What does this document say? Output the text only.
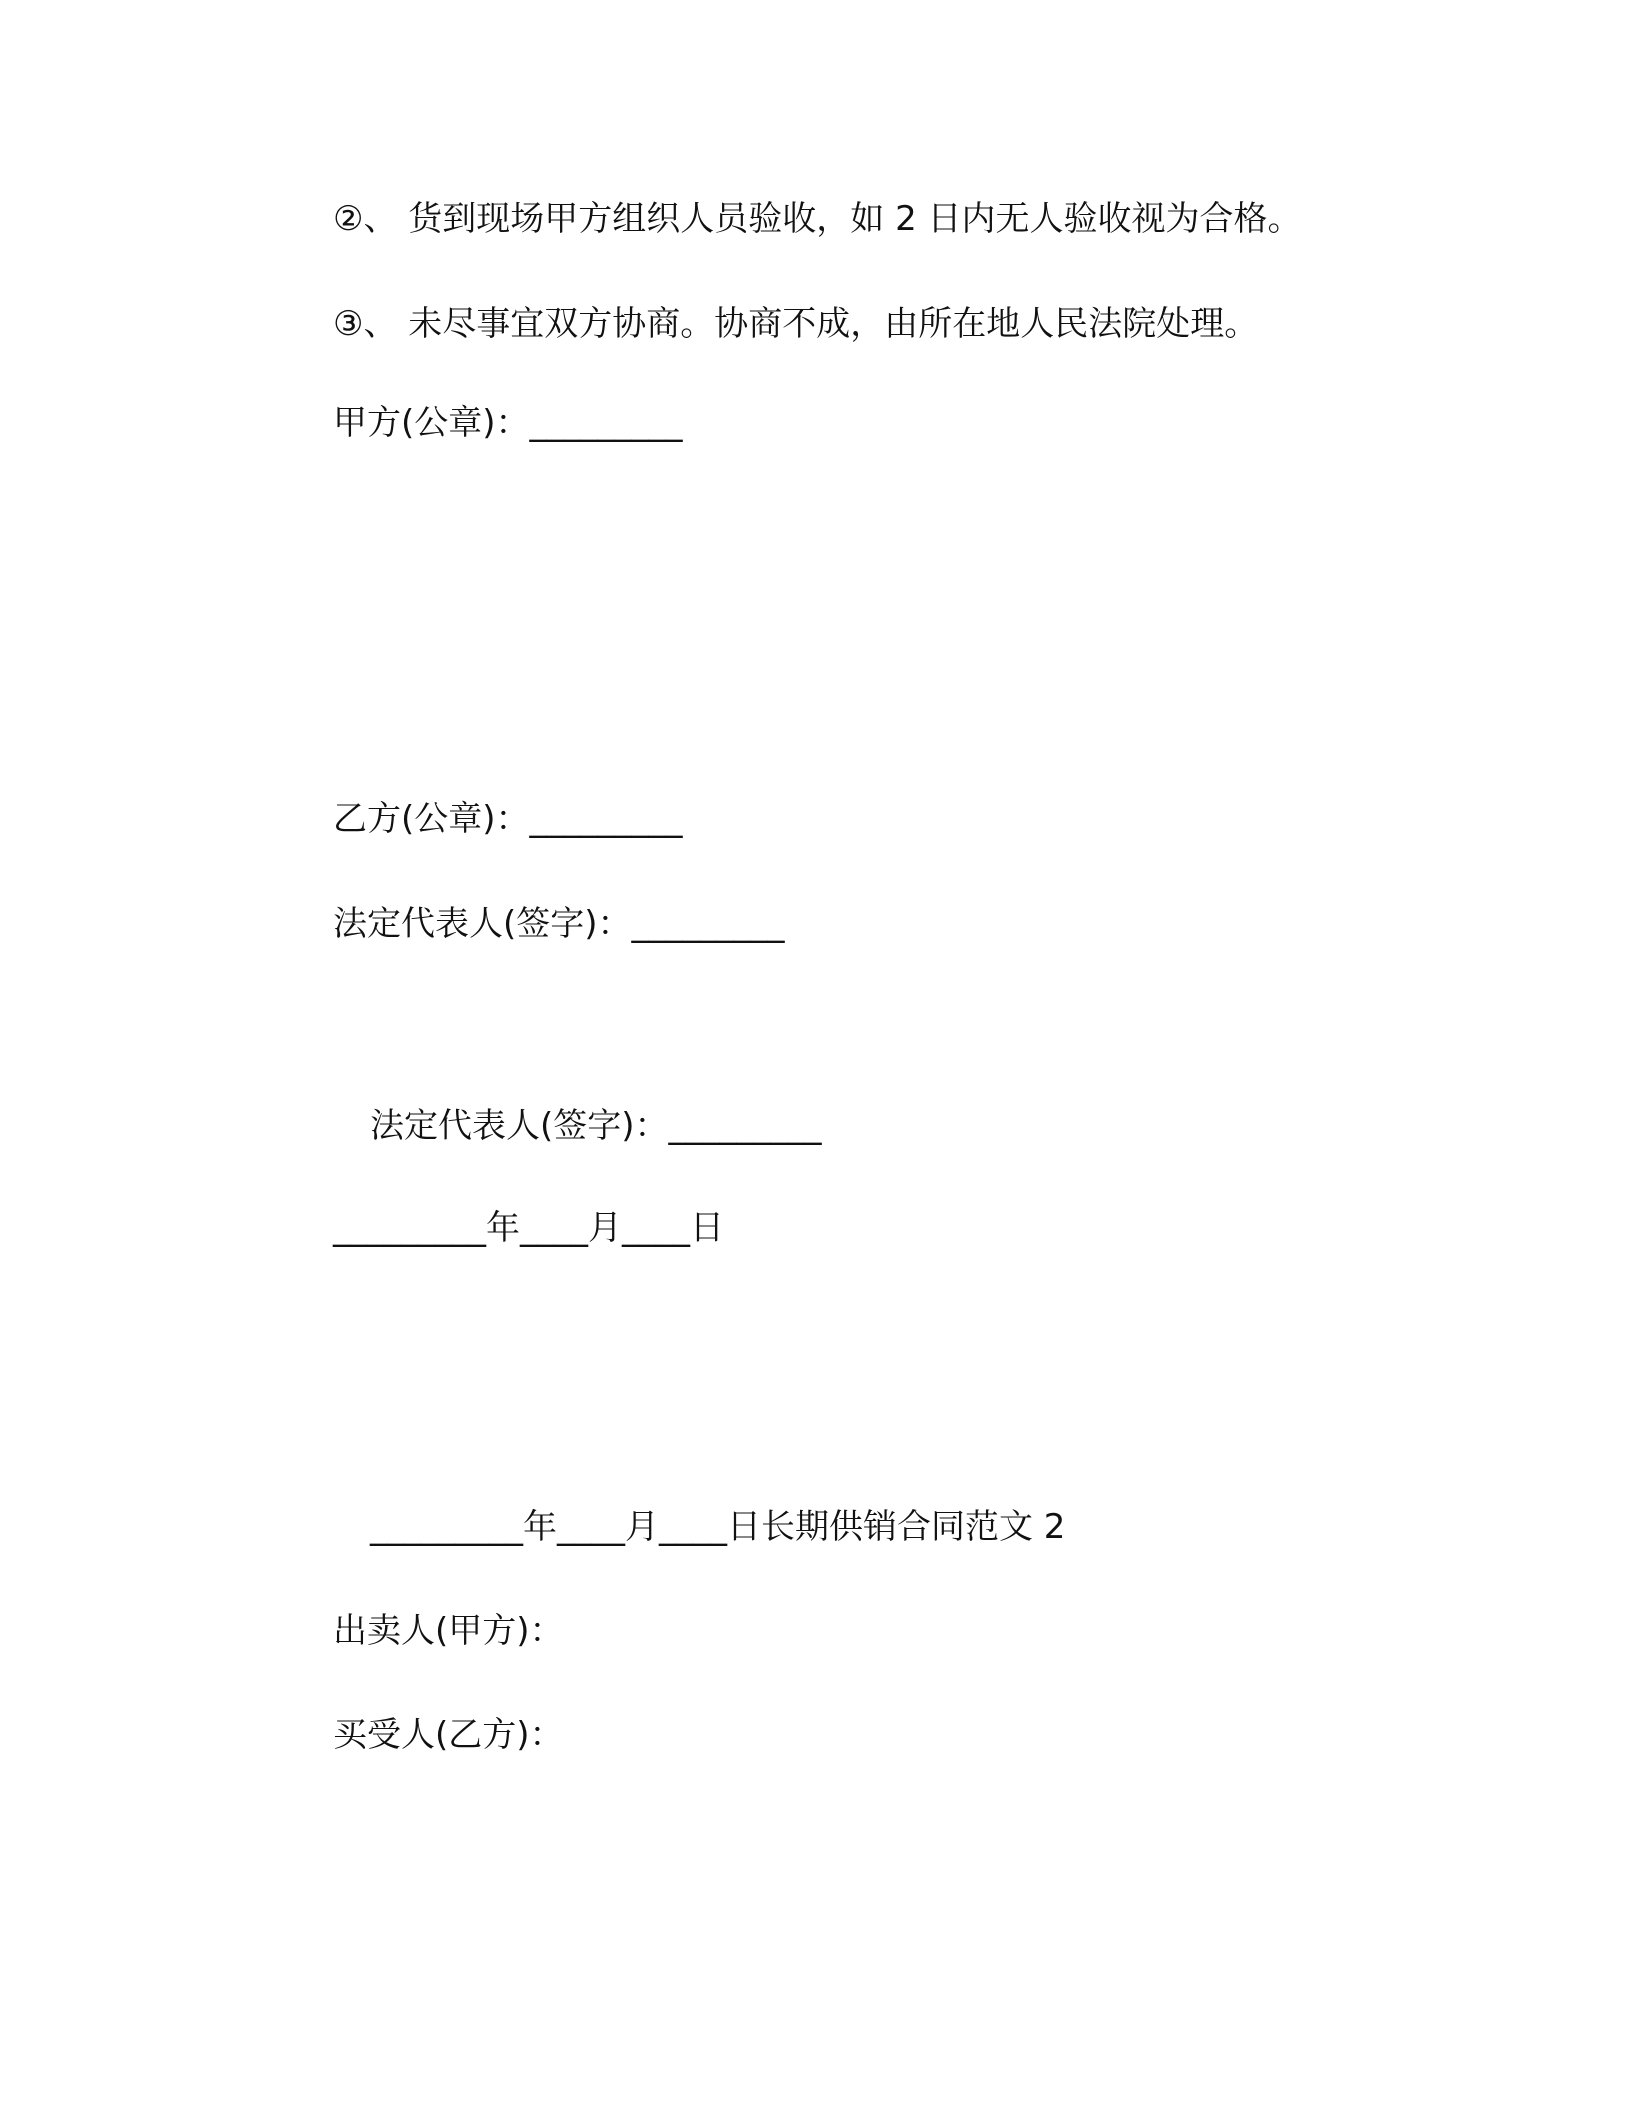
②、 货到现场甲方组织人员验收，如 2 日内无人验收视为合格。
③、 未尽事宜双方协商。协商不成，由所在地人民法院处理。
甲方(公章)：_________
乙方(公章)：_________
法定代表人(签字)：_________
法定代表人(签字)：_________
_________年____月____日
_________年____月____日长期供销合同范文 2
出卖人(甲方)：
买受人(乙方)：
